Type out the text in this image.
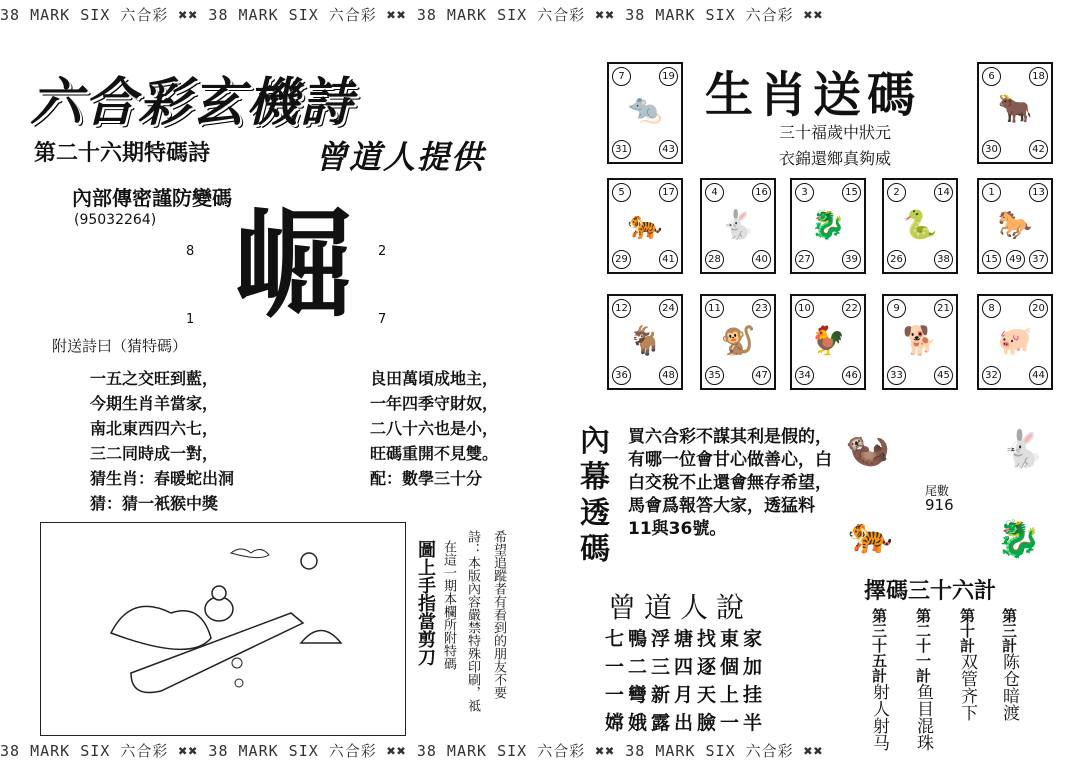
38 MARK SIX 六合彩 ✖✖ 38 MARK SIX 六合彩 ✖✖ 38 MARK SIX 六合彩 ✖✖ 38 MARK SIX 六合彩 ✖✖
38 MARK SIX 六合彩 ✖✖ 38 MARK SIX 六合彩 ✖✖ 38 MARK SIX 六合彩 ✖✖ 38 MARK SIX 六合彩 ✖✖
六合彩玄機詩
第二十六期特碼詩	曾道人提供
內部傳密謹防變碼
(95032264)
8	2
1	7
崛
附送詩曰（猜特碼）
一五之交旺到藍，
今期生肖羊當家，
南北東西四六七，
三二同時成一對，
猜生肖：春暖蛇出洞
猜：猜一衹猴中獎
良田萬頃成地主，
一年四季守財奴，
二八十六也是小，
旺碼重開不見雙。
配：數學三十分
圖上手指當剪刀 在這一期本欄所附特碼 詩：本版內容嚴禁特殊印刷，祗 希望追蹤者有看到的朋友不要
生肖送碼
三十福歲中狀元
衣錦還鄉真夠威
🐀
7	19
31	43
🐂
6	18
30	42
🐅
5	17
29	41
🐇
4	16
28	40
🐉
3	15
27	39
🐍
2	14
26	38
🐎
1	13
15	49	37
🐐
12	24
36	48
🐒
11	23
35	47
🐓
10	22
34	46
🐕
9	21
33	45
🐖
8	20
32	44
內幕透碼
買六合彩不謀其利是假的，有哪一位會甘心做善心，白白交稅不止還會無存希望，馬會爲報答大家，透猛料11與36號。
🦦	🐇
🐅	🐉
尾數
916
曾道人說
七鴨浮塘找東家
一二三四逐個加
一彎新月天上挂
嫦娥露出臉一半
擇碼三十六計
第三計陈仓暗渡
第十計双管齐下
第二十一計鱼目混珠
第三十五計射人射马
